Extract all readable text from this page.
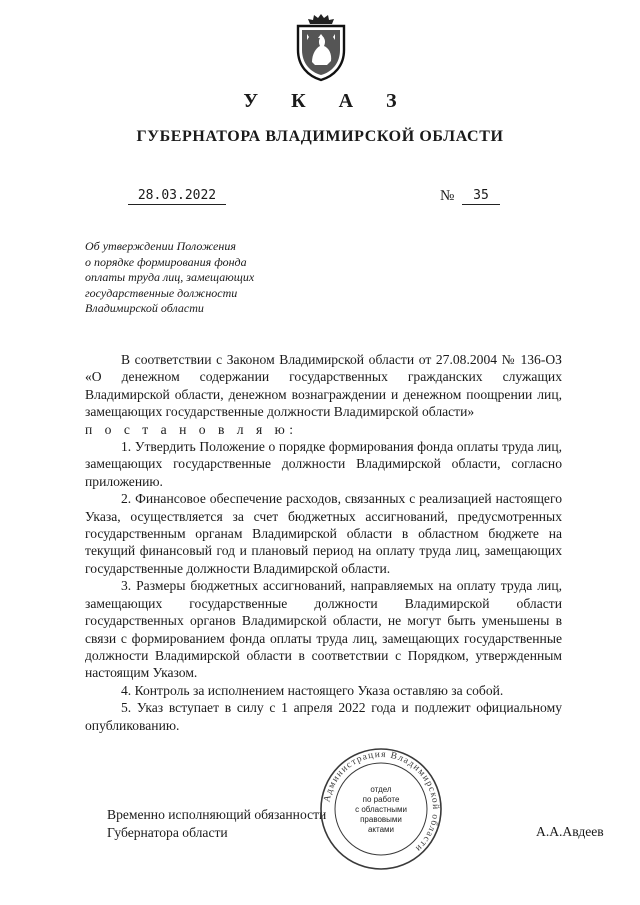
У К А З
ГУБЕРНАТОРА ВЛАДИМИРСКОЙ ОБЛАСТИ
28.03.2022	№	35
Об утверждении Положения
о порядке формирования фонда
оплаты труда лиц, замещающих
государственные должности
Владимирской области

В соответствии с Законом Владимирской области от 27.08.2004 № 136-ОЗ «О денежном содержании государственных гражданских служащих Владимирской области, денежном вознаграждении и денежном поощрении лиц, замещающих государственные должности Владимирской области»

п о с т а н о в л я ю:

1. Утвердить Положение о порядке формирования фонда оплаты труда лиц, замещающих государственные должности Владимирской области, согласно приложению.

2. Финансовое обеспечение расходов, связанных с реализацией настоящего Указа, осуществляется за счет бюджетных ассигнований, предусмотренных государственным органам Владимирской области в областном бюджете на текущий финансовый год и плановый период на оплату труда лиц, замещающих государственные должности Владимирской области.

3. Размеры бюджетных ассигнований, направляемых на оплату труда лиц, замещающих государственные должности Владимирской области государственных органов Владимирской области, не могут быть уменьшены в связи с формированием фонда оплаты труда лиц, замещающих государственные должности Владимирской области в соответствии с Порядком, утвержденным настоящим Указом.

4. Контроль за исполнением настоящего Указа оставляю за собой.

5. Указ вступает в силу с 1 апреля 2022 года и подлежит официальному опубликованию.

Временно исполняющий обязанности
Губернатора области
Администрация Владимирской области
отдел
по работе
с областными
правовыми
актами	А.А.Авдеев
